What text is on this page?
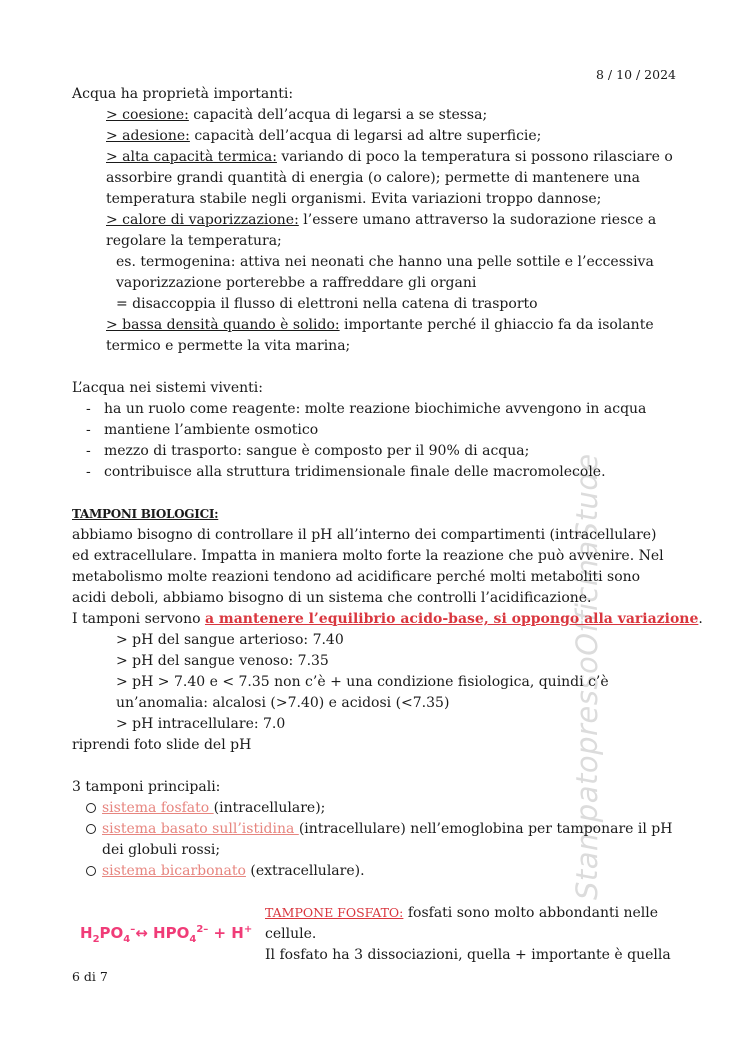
StampatopressoOfficinaStude
8 / 10 / 2024
Acqua ha proprietà importanti:
> coesione: capacità dell’acqua di legarsi a se stessa;
> adesione: capacità dell’acqua di legarsi ad altre superficie;
> alta capacità termica: variando di poco la temperatura si possono rilasciare o
assorbire grandi quantità di energia (o calore); permette di mantenere una
temperatura stabile negli organismi. Evita variazioni troppo dannose;
> calore di vaporizzazione: l’essere umano attraverso la sudorazione riesce a
regolare la temperatura;
es. termogenina: attiva nei neonati che hanno una pelle sottile e l’eccessiva
vaporizzazione porterebbe a raffreddare gli organi
= disaccoppia il flusso di elettroni nella catena di trasporto
> bassa densità quando è solido: importante perché il ghiaccio fa da isolante
termico e permette la vita marina;
L’acqua nei sistemi viventi:
- ha un ruolo come reagente: molte reazione biochimiche avvengono in acqua
- mantiene l’ambiente osmotico
- mezzo di trasporto: sangue è composto per il 90% di acqua;
- contribuisce alla struttura tridimensionale finale delle macromolecole.
TAMPONI BIOLOGICI:
abbiamo bisogno di controllare il pH all’interno dei compartimenti (intracellulare)
ed extracellulare. Impatta in maniera molto forte la reazione che può avvenire. Nel
metabolismo molte reazioni tendono ad acidificare perché molti metaboliti sono
acidi deboli, abbiamo bisogno di un sistema che controlli l’acidificazione.
I tamponi servono a mantenere l’equilibrio acido-base, si oppongo alla variazione.
> pH del sangue arterioso: 7.40
> pH del sangue venoso: 7.35
> pH > 7.40 e < 7.35 non c’è + una condizione fisiologica, quindi c’è
un’anomalia: alcalosi (>7.40) e acidosi (<7.35)
> pH intracellulare: 7.0
riprendi foto slide del pH
3 tamponi principali:
sistema fosfato (intracellulare);
sistema basato sull’istidina (intracellulare) nell’emoglobina per tamponare il pH
dei globuli rossi;
sistema bicarbonato (extracellulare).
$H_2PO_4^-\leftrightarrow$ $HPO_4^{2-} + H^+$
TAMPONE FOSFATO: fosfati sono molto abbondanti nelle
cellule.
Il fosfato ha 3 dissociazioni, quella + importante è quella
6 di 7
